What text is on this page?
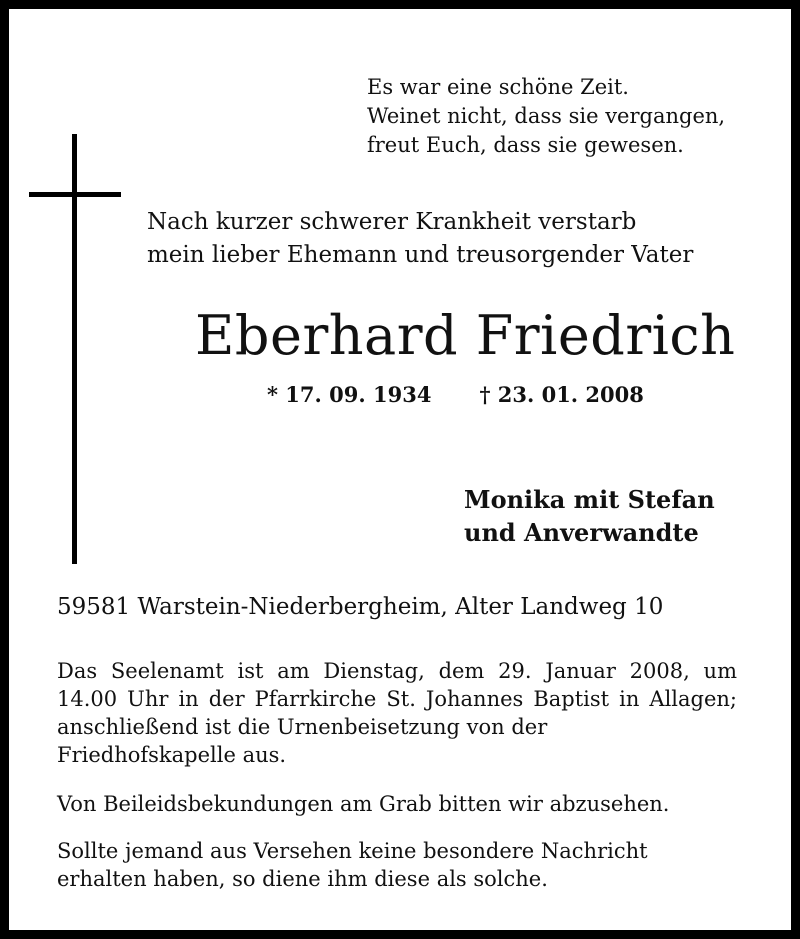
Es war eine schöne Zeit.
Weinet nicht, dass sie vergangen,
freut Euch, dass sie gewesen.
Nach kurzer schwerer Krankheit verstarb
mein lieber Ehemann und treusorgender Vater
Eberhard Friedrich
* 17. 09. 1934 † 23. 01. 2008
Monika mit Stefan
und Anverwandte
59581 Warstein-Niederbergheim, Alter Landweg 10
Das Seelenamt ist am Dienstag, dem 29. Januar 2008, um
14.00 Uhr in der Pfarrkirche St. Johannes Baptist in Allagen;
anschließend ist die Urnenbeisetzung von der
Friedhofskapelle aus.
Von Beileidsbekundungen am Grab bitten wir abzusehen.
Sollte jemand aus Versehen keine besondere Nachricht
erhalten haben, so diene ihm diese als solche.
